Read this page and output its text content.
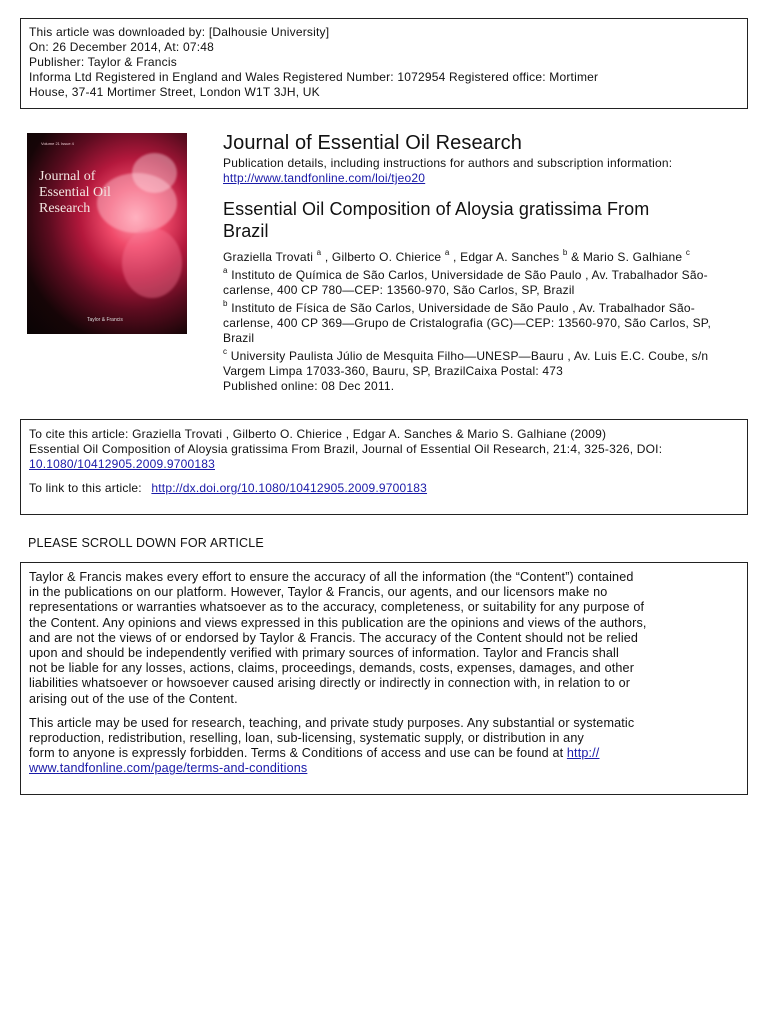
This article was downloaded by: [Dalhousie University]
On: 26 December 2014, At: 07:48
Publisher: Taylor & Francis
Informa Ltd Registered in England and Wales Registered Number: 1072954 Registered office: Mortimer
House, 37-41 Mortimer Street, London W1T 3JH, UK
Volume 21 Issue 4
Journal of Essential Oil Research
Taylor & Francis
Journal of Essential Oil Research
Publication details, including instructions for authors and subscription information:
http://www.tandfonline.com/loi/tjeo20
Essential Oil Composition of Aloysia gratissima From
Brazil
Graziella Trovati $^a$ , Gilberto O. Chierice $^a$ , Edgar A. Sanches $^b$ & Mario S. Galhiane $^c$
$^a$ Instituto de Química de São Carlos, Universidade de São Paulo , Av. Trabalhador São-
carlense, 400 CP 780—CEP: 13560-970, São Carlos, SP, Brazil
$^b$ Instituto de Física de São Carlos, Universidade de São Paulo , Av. Trabalhador São-
carlense, 400 CP 369—Grupo de Cristalografia (GC)—CEP: 13560-970, São Carlos, SP,
Brazil
$^c$ University Paulista Júlio de Mesquita Filho—UNESP—Bauru , Av. Luis E.C. Coube, s/n
Vargem Limpa 17033-360, Bauru, SP, BrazilCaixa Postal: 473
Published online: 08 Dec 2011.
To cite this article: Graziella Trovati , Gilberto O. Chierice , Edgar A. Sanches & Mario S. Galhiane (2009)
Essential Oil Composition of Aloysia gratissima From Brazil, Journal of Essential Oil Research, 21:4, 325-326, DOI:
10.1080/10412905.2009.9700183
To link to this article: http://dx.doi.org/10.1080/10412905.2009.9700183
PLEASE SCROLL DOWN FOR ARTICLE

Taylor & Francis makes every effort to ensure the accuracy of all the information (the “Content”) contained
in the publications on our platform. However, Taylor & Francis, our agents, and our licensors make no
representations or warranties whatsoever as to the accuracy, completeness, or suitability for any purpose of
the Content. Any opinions and views expressed in this publication are the opinions and views of the authors,
and are not the views of or endorsed by Taylor & Francis. The accuracy of the Content should not be relied
upon and should be independently verified with primary sources of information. Taylor and Francis shall
not be liable for any losses, actions, claims, proceedings, demands, costs, expenses, damages, and other
liabilities whatsoever or howsoever caused arising directly or indirectly in connection with, in relation to or
arising out of the use of the Content.

This article may be used for research, teaching, and private study purposes. Any substantial or systematic
reproduction, redistribution, reselling, loan, sub-licensing, systematic supply, or distribution in any
form to anyone is expressly forbidden. Terms & Conditions of access and use can be found at http://
www.tandfonline.com/page/terms-and-conditions
